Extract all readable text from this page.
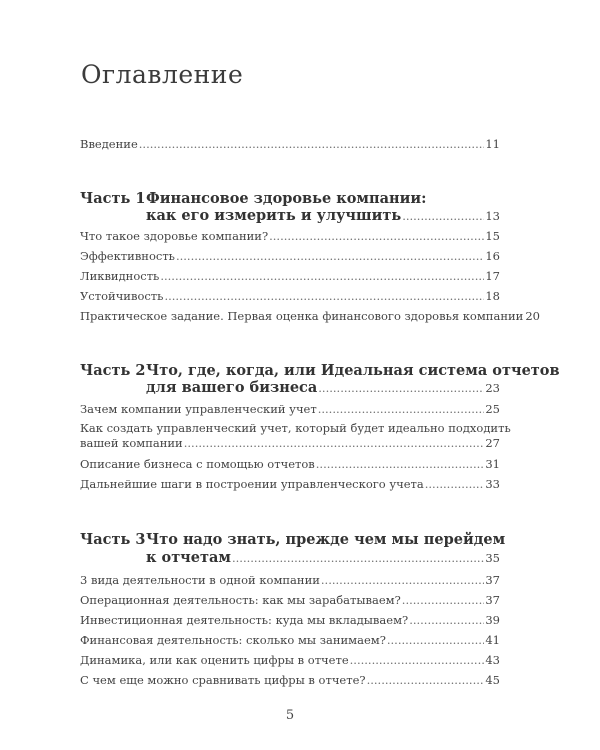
Оглавление
Введение .....	11
Часть 1Финансовое здоровье компании:
как его измерить и улучшить .....	13
Что такое здоровье компании? .....	15
Эффективность .....	16
Ликвидность .....	17
Устойчивость .....	18
Практическое задание. Первая оценка финансового здоровья компании 20
Часть 2Что, где, когда, или Идеальная система отчетов
для вашего бизнеса .....	23
Зачем компании управленческий учет .....	25
Как создать управленческий учет, который будет идеально подходить
вашей компании .....	27
Описание бизнеса с помощью отчетов .....	31
Дальнейшие шаги в построении управленческого учета .....	33
Часть 3Что надо знать, прежде чем мы перейдем
к отчетам .....	35
3 вида деятельности в одной компании .....	37
Операционная деятельность: как мы зарабатываем? .....	37
Инвестиционная деятельность: куда мы вкладываем? .....	39
Финансовая деятельность: сколько мы занимаем? .....	41
Динамика, или как оценить цифры в отчете .....	43
С чем еще можно сравнивать цифры в отчете? .....	45
5
